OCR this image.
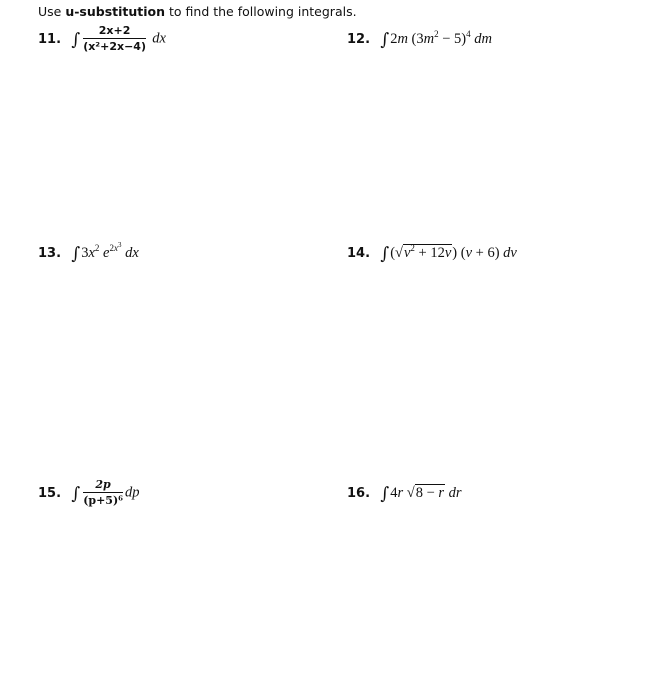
Use u-substitution to find the following integrals.
11. ∫ $\frac{2x+2}{\text{(x²+2x−4)}}$ dx	12. ∫2m $(3m^2 - 5)^4$ dm
13. $\int 3x^2$ $e^{2x^3}$ dx	14. $\int(√v^2 + 12v) (v + 6)$ dv
15. ∫ $\frac{2p}{\text{(p+5)⁶}}$ dp	16. ∫4r √8 − r dr
